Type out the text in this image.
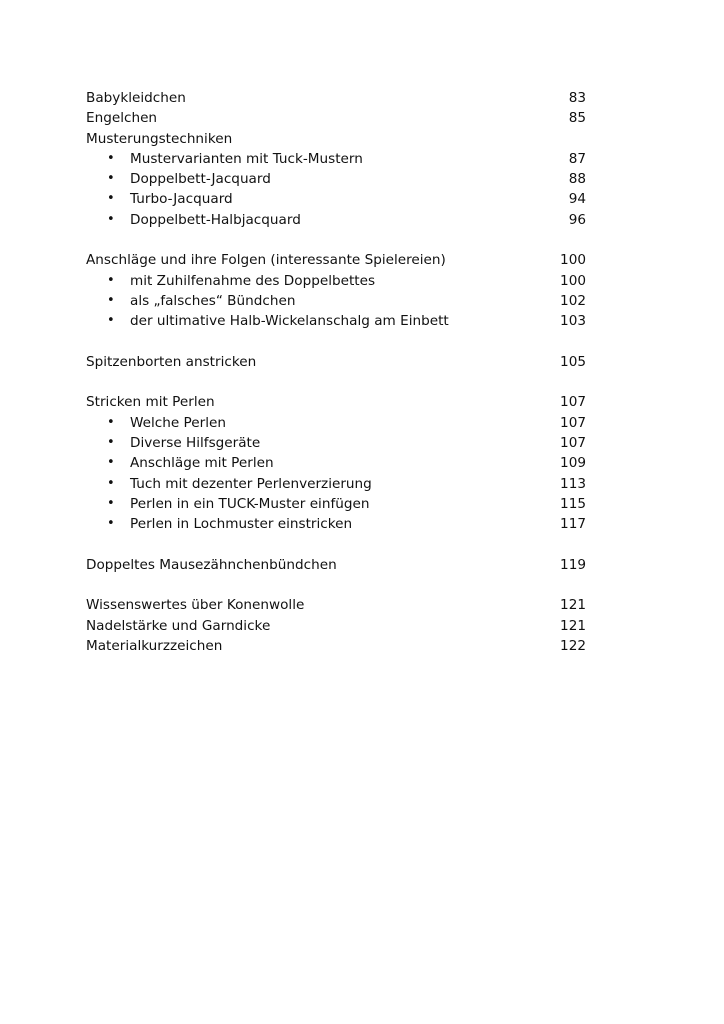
Babykleidchen	83
Engelchen	85
Musterungstechniken
• Mustervarianten mit Tuck-Mustern	87
• Doppelbett-Jacquard	88
• Turbo-Jacquard	94
• Doppelbett-Halbjacquard	96
Anschläge und ihre Folgen (interessante Spielereien)	100
• mit Zuhilfenahme des Doppelbettes	100
• als „falsches“ Bündchen	102
• der ultimative Halb-Wickelanschalg am Einbett	103
Spitzenborten anstricken	105
Stricken mit Perlen	107
• Welche Perlen	107
• Diverse Hilfsgeräte	107
• Anschläge mit Perlen	109
• Tuch mit dezenter Perlenverzierung	113
• Perlen in ein TUCK-Muster einfügen	115
• Perlen in Lochmuster einstricken	117
Doppeltes Mausezähnchenbündchen	119
Wissenswertes über Konenwolle	121
Nadelstärke und Garndicke	121
Materialkurzzeichen	122
